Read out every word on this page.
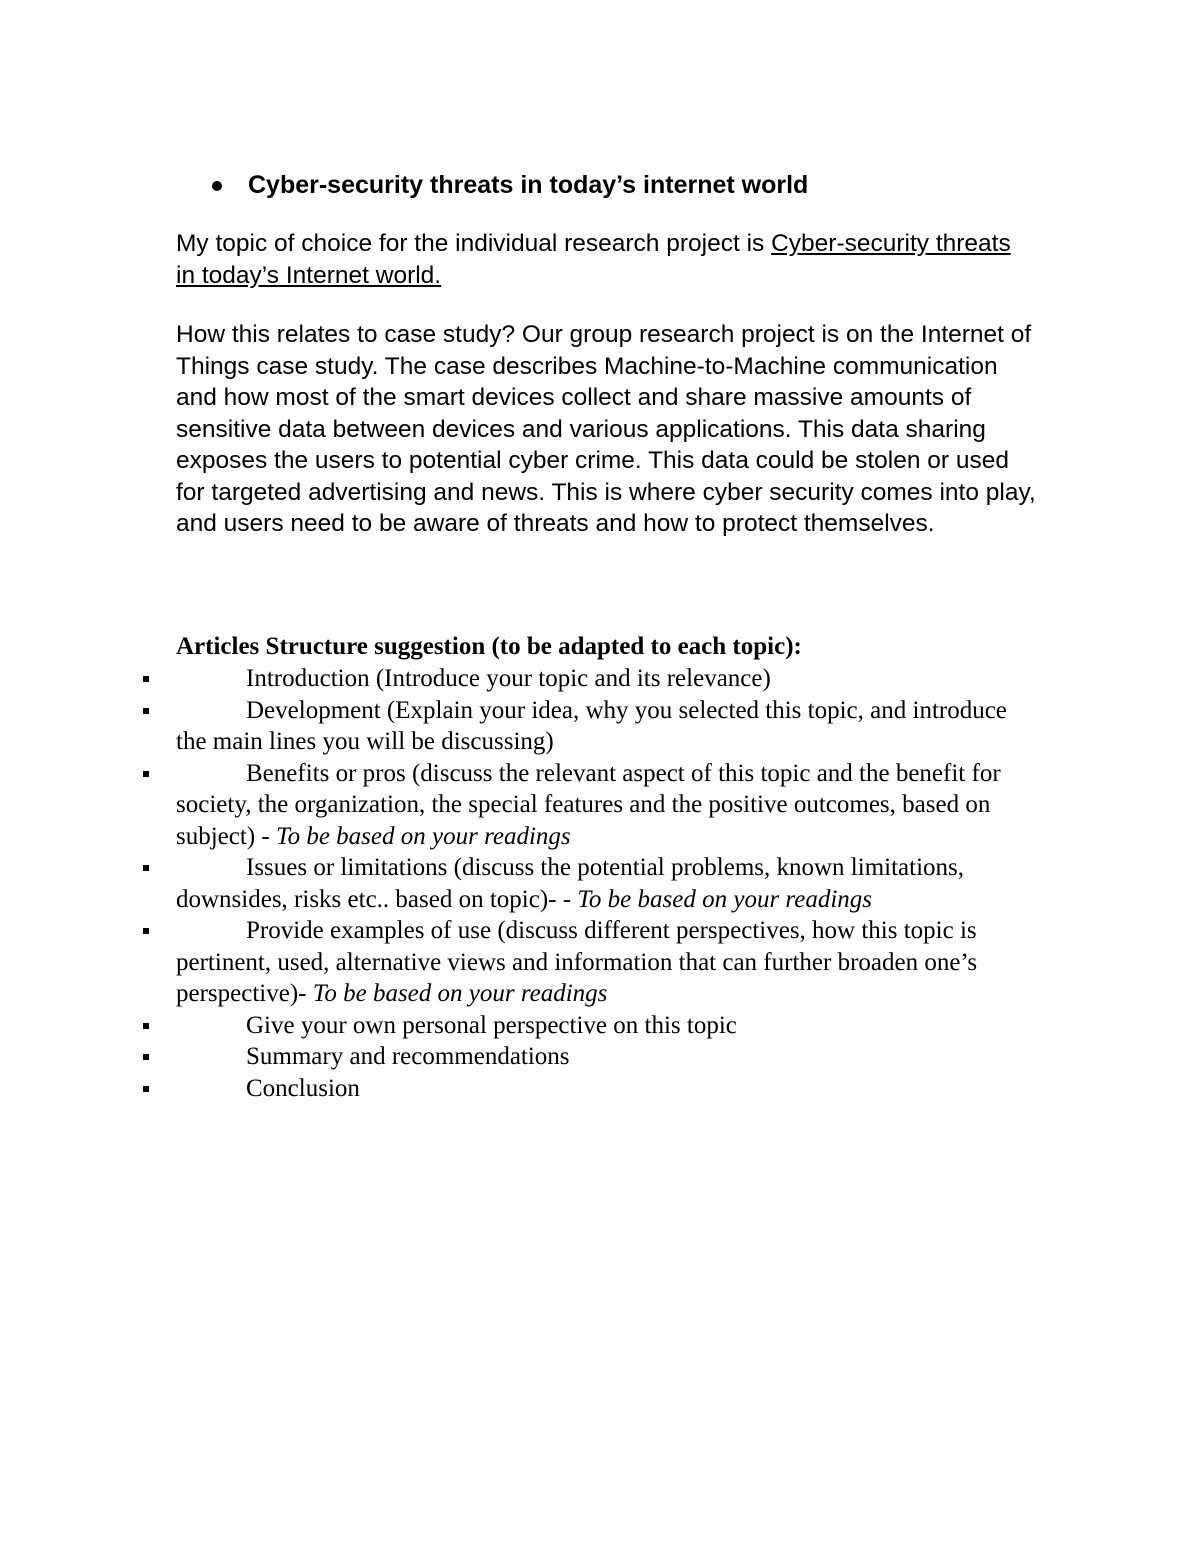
Cyber-security threats in today’s internet world

My topic of choice for the individual research project is Cyber-security threats in today’s Internet world.

How this relates to case study? Our group research project is on the Internet of Things case study. The case describes Machine-to-Machine communication and how most of the smart devices collect and share massive amounts of sensitive data between devices and various applications. This data sharing exposes the users to potential cyber crime. This data could be stolen or used for targeted advertising and news. This is where cyber security comes into play, and users need to be aware of threats and how to protect themselves.

Articles Structure suggestion (to be adapted to each topic):
Introduction (Introduce your topic and its relevance)
Development (Explain your idea, why you selected this topic, and introduce the main lines you will be discussing)
Benefits or pros (discuss the relevant aspect of this topic and the benefit for society, the organization, the special features and the positive outcomes, based on subject) - To be based on your readings
Issues or limitations (discuss the potential problems, known limitations, downsides, risks etc.. based on topic)- - To be based on your readings
Provide examples of use (discuss different perspectives, how this topic is pertinent, used, alternative views and information that can further broaden one’s perspective)- To be based on your readings
Give your own personal perspective on this topic
Summary and recommendations
Conclusion
